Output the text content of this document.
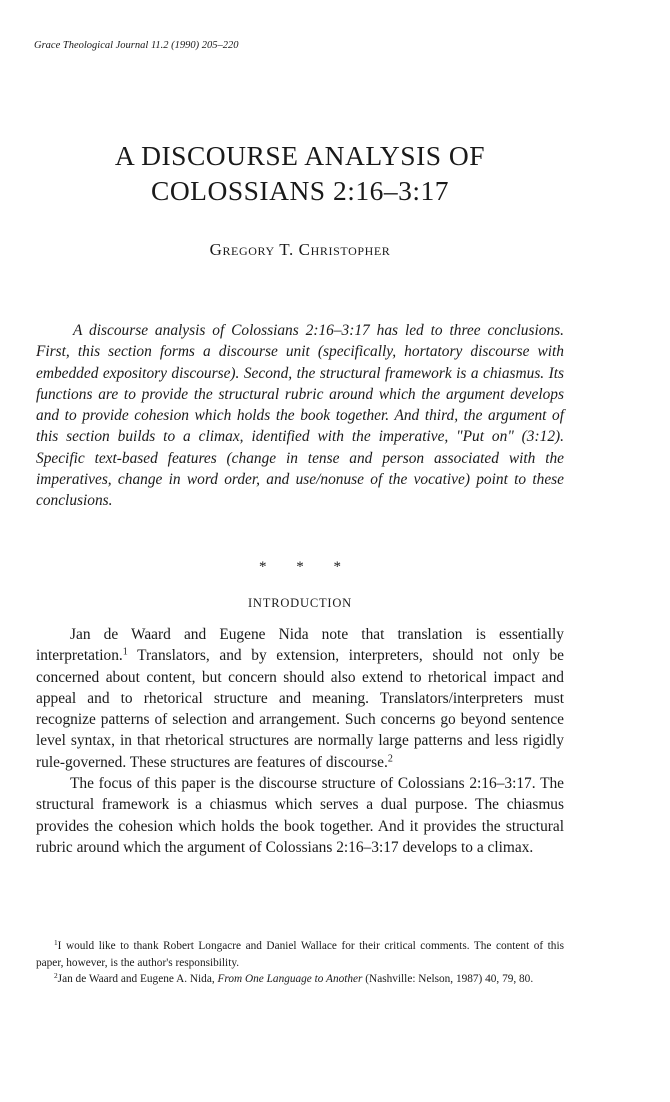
Grace Theological Journal 11.2 (1990) 205–220
A DISCOURSE ANALYSIS OF
COLOSSIANS 2:16–3:17
Gregory T. Christopher

A discourse analysis of Colossians 2:16–3:17 has led to three conclusions. First, this section forms a discourse unit (specifically, hortatory discourse with embedded expository discourse). Second, the structural framework is a chiasmus. Its functions are to provide the structural rubric around which the argument develops and to provide cohesion which holds the book together. And third, the argument of this section builds to a climax, identified with the imperative, "Put on" (3:12). Specific text-based features (change in tense and person associated with the imperatives, change in word order, and use/nonuse of the vocative) point to these conclusions.

* * *
INTRODUCTION

Jan de Waard and Eugene Nida note that translation is essentially interpretation.$^1$ Translators, and by extension, interpreters, should not only be concerned about content, but concern should also extend to rhetorical impact and appeal and to rhetorical structure and meaning. Translators/interpreters must recognize patterns of selection and arrangement. Such concerns go beyond sentence level syntax, in that rhetorical structures are normally large patterns and less rigidly rule-governed. These structures are features of discourse.$^2$

The focus of this paper is the discourse structure of Colossians 2:16–3:17. The structural framework is a chiasmus which serves a dual purpose. The chiasmus provides the cohesion which holds the book together. And it provides the structural rubric around which the argument of Colossians 2:16–3:17 develops to a climax.

$^1$I would like to thank Robert Longacre and Daniel Wallace for their critical comments. The content of this paper, however, is the author's responsibility.

$^2$Jan de Waard and Eugene A. Nida, From One Language to Another (Nashville: Nelson, 1987) 40, 79, 80.
